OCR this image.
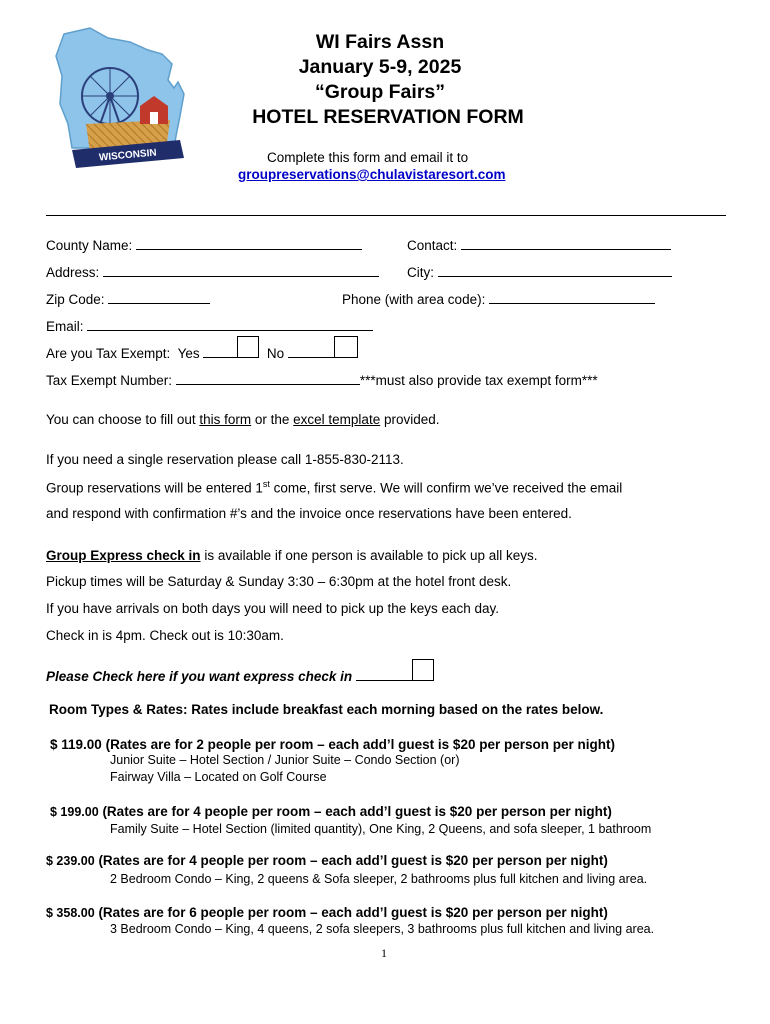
WISCONSIN
WI Fairs Assn
January 5-9, 2025
“Group Fairs”
HOTEL RESERVATION FORM
Complete this form and email it to
groupreservations@chulavistaresort.com
County Name:	Contact:
Address:	City:
Zip Code:	Phone (with area code):
Email:
Are you Tax Exempt: Yes	No
Tax Exempt Number:	***must also provide tax exempt form***
You can choose to fill out this form or the excel template provided.
If you need a single reservation please call 1-855-830-2113.
Group reservations will be entered 1st come, first serve. We will confirm we’ve received the email
and respond with confirmation #’s and the invoice once reservations have been entered.
Group Express check in is available if one person is available to pick up all keys.
Pickup times will be Saturday & Sunday 3:30 – 6:30pm at the hotel front desk.
If you have arrivals on both days you will need to pick up the keys each day.
Check in is 4pm. Check out is 10:30am.
Please Check here if you want express check in
Room Types & Rates: Rates include breakfast each morning based on the rates below.
$ 119.00 (Rates are for 2 people per room – each add’l guest is $20 per person per night)
Junior Suite – Hotel Section / Junior Suite – Condo Section (or)
Fairway Villa – Located on Golf Course
$ 199.00 (Rates are for 4 people per room – each add’l guest is $20 per person per night)
Family Suite – Hotel Section (limited quantity), One King, 2 Queens, and sofa sleeper, 1 bathroom
$ 239.00 (Rates are for 4 people per room – each add’l guest is $20 per person per night)
2 Bedroom Condo – King, 2 queens & Sofa sleeper, 2 bathrooms plus full kitchen and living area.
$ 358.00 (Rates are for 6 people per room – each add’l guest is $20 per person per night)
3 Bedroom Condo – King, 4 queens, 2 sofa sleepers, 3 bathrooms plus full kitchen and living area.
1
